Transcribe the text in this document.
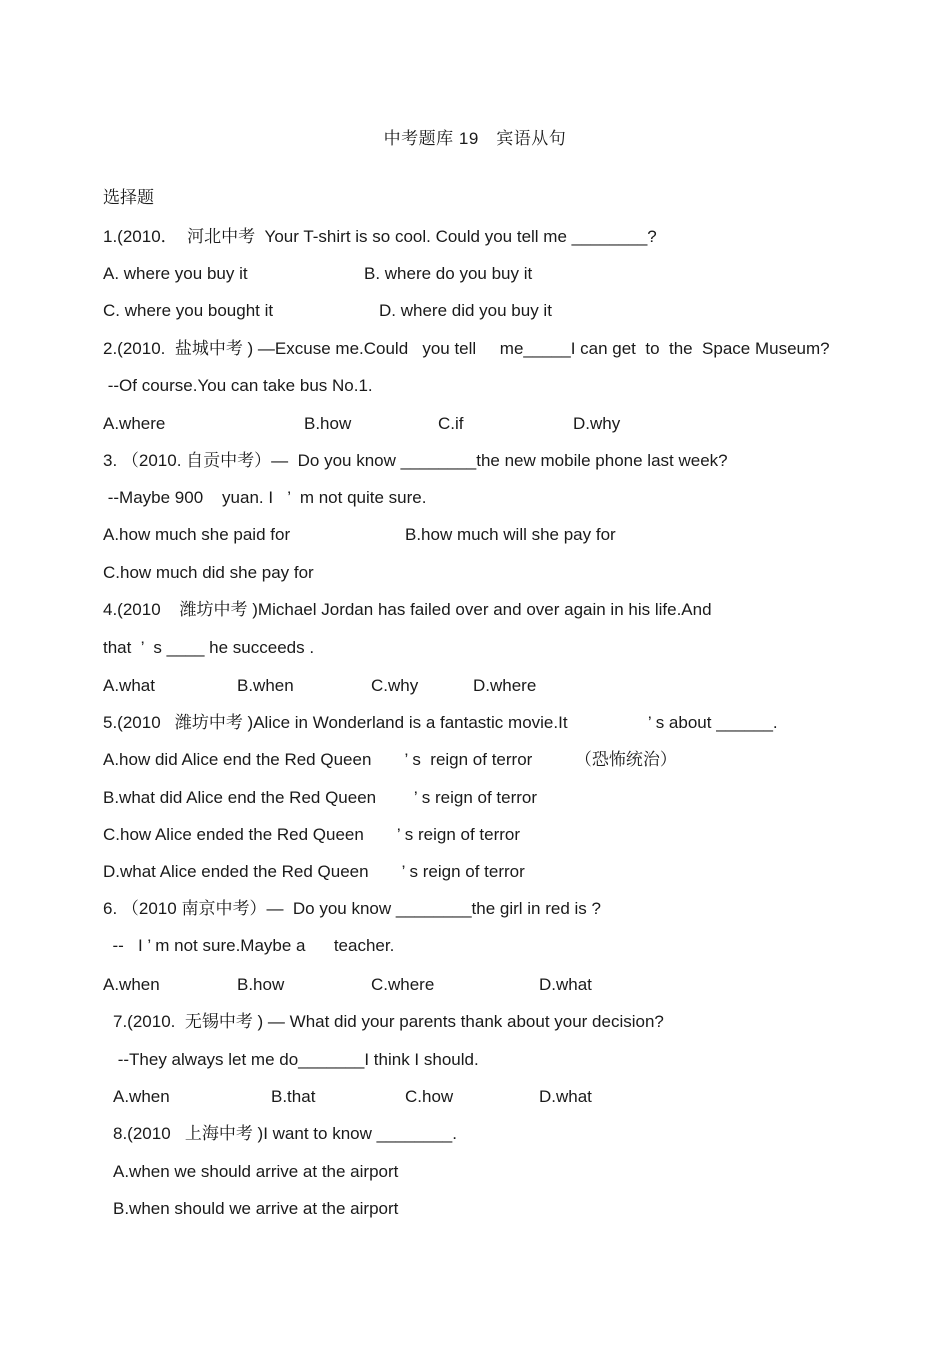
中考题库 19　宾语从句
选择题
1.(2010．  河北中考  Your T-shirt is so cool. Could you tell me ________?
A. where you buy it	B. where do you buy it
C. where you bought it	D. where did you buy it
2.(2010.  盐城中考 ) —Excuse me.Could   you tell     me_____I can get  to  the  Space Museum?
--Of course.You can take bus No.1.
A.where	B.how	C.if	D.why
3. （2010. 自贡中考）—  Do you know ________the new mobile phone last week?
--Maybe 900    yuan. I   ’  m not quite sure.
A.how much she paid for	B.how much will she pay for
C.how much did she pay for
4.(2010    潍坊中考 )Michael Jordan has failed over and over again in his life.And
that  ’  s ____ he succeeds .
A.what	B.when	C.why	D.where
5.(2010   潍坊中考 )Alice in Wonderland is a fantastic movie.It                 ’ s about ______.
A.how did Alice end the Red Queen       ’ s  reign of terror         （恐怖统治）
B.what did Alice end the Red Queen        ’ s reign of terror
C.how Alice ended the Red Queen       ’ s reign of terror
D.what Alice ended the Red Queen       ’ s reign of terror
6. （2010 南京中考）—  Do you know ________the girl in red is ?
--   I ’ m not sure.Maybe a      teacher.
A.when	B.how	C.where	D.what
7.(2010.  无锡中考 ) — What did your parents thank about your decision?
--They always let me do_______I think I should.
A.when	B.that	C.how	D.what
8.(2010   上海中考 )I want to know ________.
A.when we should arrive at the airport
B.when should we arrive at the airport
